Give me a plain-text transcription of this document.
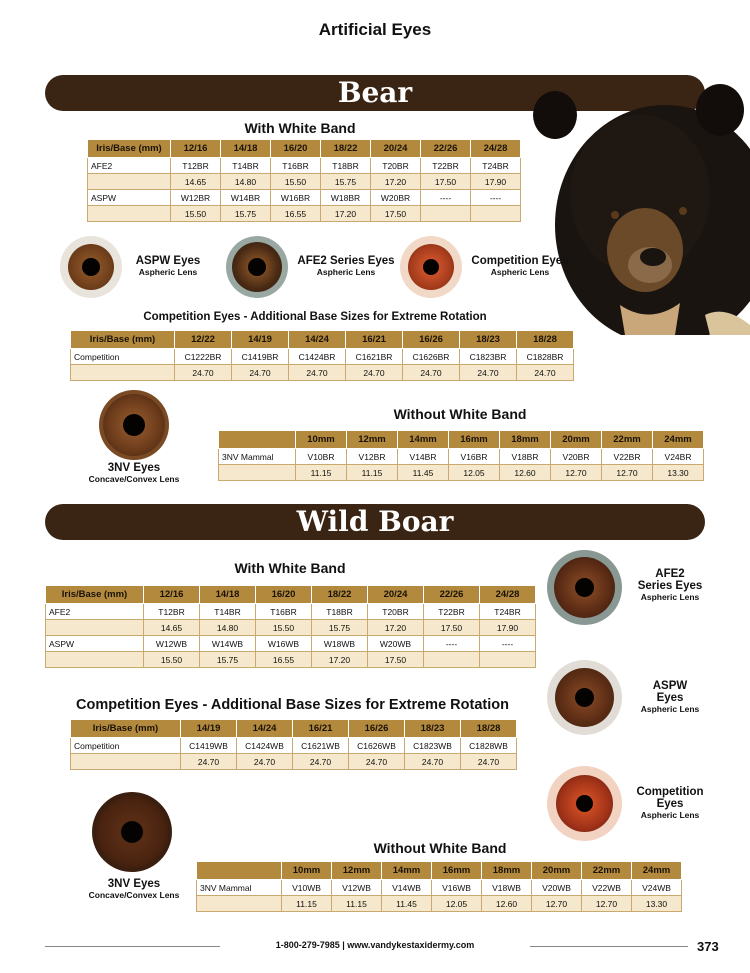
Artificial Eyes
Bear
With White Band
Iris/Base (mm)	12/16	14/18	16/20	18/22	20/24	22/26	24/28
AFE2	T12BR	T14BR	T16BR	T18BR	T20BR	T22BR	T24BR
	14.65	14.80	15.50	15.75	17.20	17.50	17.90
ASPW	W12BR	W14BR	W16BR	W18BR	W20BR	----	----
	15.50	15.75	16.55	17.20	17.50		
ASPW Eyes
Aspheric Lens
AFE2 Series Eyes
Aspheric Lens
Competition Eyes
Aspheric Lens
Competition Eyes - Additional Base Sizes for Extreme Rotation
Iris/Base (mm)	12/22	14/19	14/24	16/21	16/26	18/23	18/28
Competition	C1222BR	C1419BR	C1424BR	C1621BR	C1626BR	C1823BR	C1828BR
	24.70	24.70	24.70	24.70	24.70	24.70	24.70
3NV Eyes
Concave/Convex Lens
Without White Band
	10mm	12mm	14mm	16mm	18mm	20mm	22mm	24mm
3NV Mammal	V10BR	V12BR	V14BR	V16BR	V18BR	V20BR	V22BR	V24BR
	11.15	11.15	11.45	12.05	12.60	12.70	12.70	13.30
Wild Boar
With White Band
Iris/Base (mm)	12/16	14/18	16/20	18/22	20/24	22/26	24/28
AFE2	T12BR	T14BR	T16BR	T18BR	T20BR	T22BR	T24BR
	14.65	14.80	15.50	15.75	17.20	17.50	17.90
ASPW	W12WB	W14WB	W16WB	W18WB	W20WB	----	----
	15.50	15.75	16.55	17.20	17.50		
AFE2
Series Eyes
Aspheric Lens
ASPW
Eyes
Aspheric Lens
Competition
Eyes
Aspheric Lens
Competition Eyes - Additional Base Sizes for Extreme Rotation
Iris/Base (mm)	14/19	14/24	16/21	16/26	18/23	18/28
Competition	C1419WB	C1424WB	C1621WB	C1626WB	C1823WB	C1828WB
	24.70	24.70	24.70	24.70	24.70	24.70
3NV Eyes
Concave/Convex Lens
Without White Band
	10mm	12mm	14mm	16mm	18mm	20mm	22mm	24mm
3NV Mammal	V10WB	V12WB	V14WB	V16WB	V18WB	V20WB	V22WB	V24WB
	11.15	11.15	11.45	12.05	12.60	12.70	12.70	13.30
1-800-279-7985 | www.vandykestaxidermy.com	373
